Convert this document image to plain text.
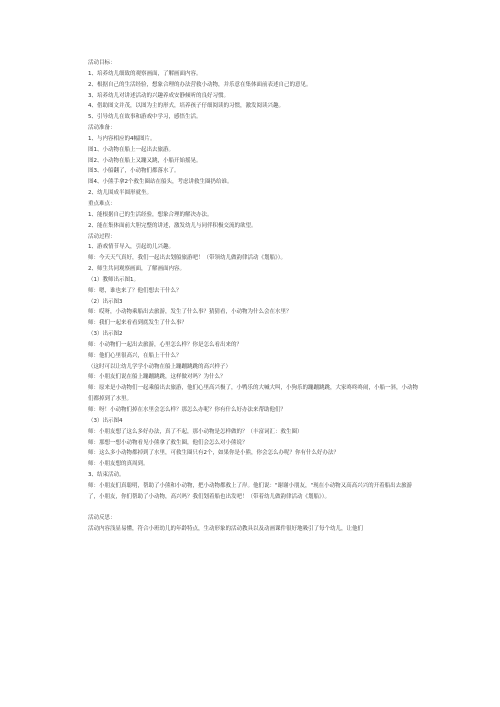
活动目标：
1、培养幼儿细致的观察画面，了解画面内容。
2、根据自己的生活经验，想象合理的办法营救小动物，并乐意在集体面前表述自己的意见。
3、培养幼儿对讲述活动的兴趣养成安静倾听的良好习惯。
4、借助图文并茂，以图为主的形式，培养孩子仔细阅读的习惯，激发阅读兴趣。
5、引导幼儿在故事和游戏中学习，感悟生活。
活动准备：
1、与内容相应的4幅图片。
图1、小动物在船上一起出去旅游。
图2、小动物在船上又蹦又跳，小船开始摇晃。
图3、小船翻了，小动物们都落水了。
图4、小熊手拿2个救生圈站在船头，考虑讲救生圈扔给谁。
2、幼儿围成半圆形就坐。
重点难点：
1、能根据自己的生活经验，想象合理的解决办法。
2、能在集体面前大胆完整的讲述，激发幼儿与同伴积极交流的欲望。
活动过程：
1、游戏情节导入，引起幼儿兴趣。
师：今天天气真好，我们一起出去划船旅游吧！（带领幼儿做韵律活动《划船》）。
2、师生共同观察画面，了解画面内容。
（1）教师出示图1。
师：嗯，谁也来了？他们想去干什么？
（2）出示图3
师：哎呀，小动物乘船出去旅游，发生了什么事？猜猜看，小动物为什么会在水里？
师：我们一起来看看到底发生了什么事？
（3）出示图2
师：小动物们一起出去旅游，心里怎么样？你是怎么看出来的？
师：他们心里很高兴，在船上干什么？
（这时可以让幼儿学学小动物在船上蹦蹦跳跳的高兴样子）
师：小朋友们说在船上蹦蹦跳跳，这样做对吗？为什么？
师：原来是小动物们一起乘船出去旅游，他们心里高兴极了，小鸭乐的大喊大叫，小狗乐的蹦蹦跳跳，大家咚咚咚闹，小船一斜，小动物们都掉到了水里。
师：呀！小动物们掉在水里会怎么样？那怎么办呢？你有什么好办法来帮助他们？
（3）出示图4
师：小朋友想了这么多好办法，真了不起，那小动物是怎样做的？（丰富词汇：救生圈）
师：那想一想小动物看见小熊拿了救生圈，他们会怎么对小熊说？
师：这么多小动物都掉到了水里，可救生圈只有2个，如果你是小熊，你会怎么办呢？你有什么好办法？
师：小朋友想的真周到。
3、结束活动。
师：小朋友们真聪明，帮助了小熊和小动物，把小动物都救上了岸。他们说："谢谢小朋友，"现在小动物又高高兴兴的开着船出去旅游了，小朋友，你们帮助了小动物，高兴吗？我们划着船也出发吧！（带着幼儿做韵律活动《划船》）。
活动反思：
活动内容浅显易懂，符合小班幼儿的年龄特点，生动形象的活动教具以及动画课件很好地吸引了每个幼儿，让他们
